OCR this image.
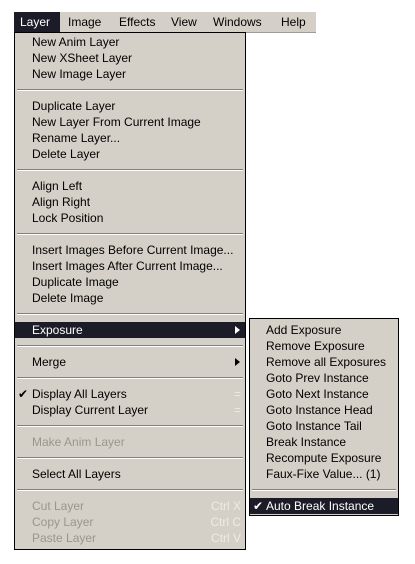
Layer	Image	Effects	View	Windows	Help
New Anim Layer
New XSheet Layer
New Image Layer
Duplicate Layer
New Layer From Current Image
Rename Layer...
Delete Layer
Align Left
Align Right
Lock Position
Insert Images Before Current Image...
Insert Images After Current Image...
Duplicate Image
Delete Image
Exposure
Merge
✔ Display All Layers	=
Display Current Layer	=
Make Anim Layer
Select All Layers
Cut Layer	Ctrl X
Copy Layer	Ctrl C
Paste Layer	Ctrl V
Add Exposure
Remove Exposure
Remove all Exposures
Goto Prev Instance
Goto Next Instance
Goto Instance Head
Goto Instance Tail
Break Instance
Recompute Exposure
Faux-Fixe Value... (1)
✔ Auto Break Instance
